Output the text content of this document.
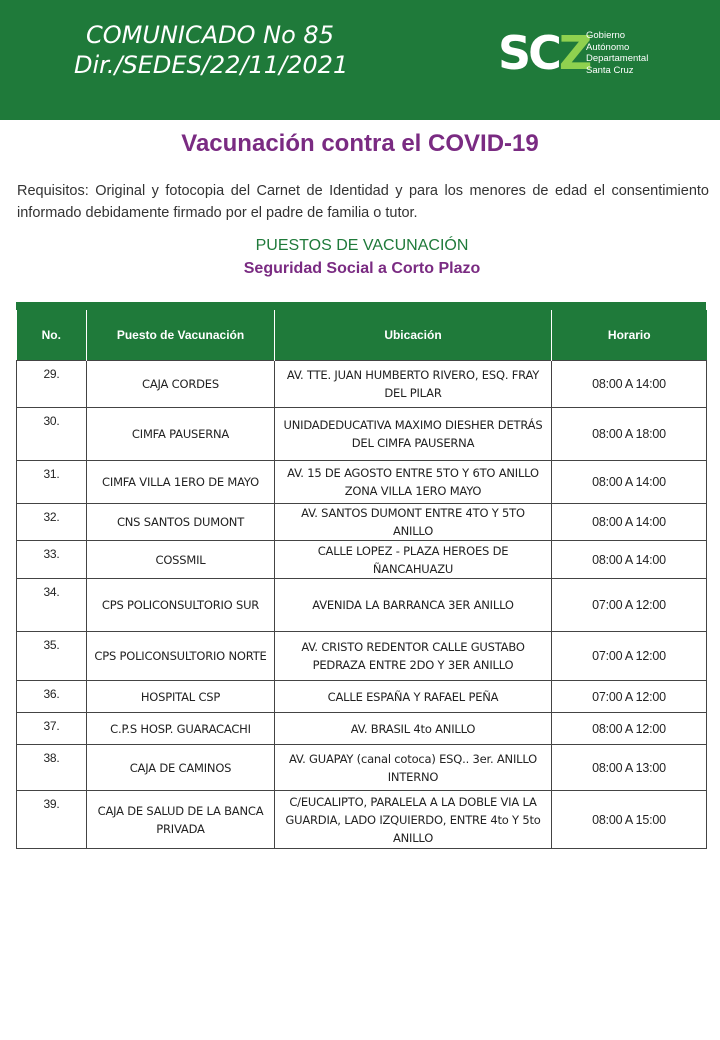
COMUNICADO No 85
Dir./SEDES/22/11/2021	SCZ
Gobierno
Autónomo
Departamental
Santa Cruz
Vacunación contra el COVID-19
Requisitos: Original y fotocopia del Carnet de Identidad y para los menores de edad el consentimiento informado debidamente firmado por el padre de familia o tutor.
PUESTOS DE VACUNACIÓN
Seguridad Social a Corto Plazo
No.	Puesto de Vacunación	Ubicación	Horario
29.	CAJA CORDES	AV. TTE. JUAN HUMBERTO RIVERO, ESQ. FRAY DEL PILAR	08:00 A 14:00
30.	CIMFA PAUSERNA	UNIDADEDUCATIVA MAXIMO DIESHER DETRÁS DEL CIMFA PAUSERNA	08:00 A 18:00
31.	CIMFA VILLA 1ERO DE MAYO	AV. 15 DE AGOSTO ENTRE 5TO Y 6TO ANILLO ZONA VILLA 1ERO MAYO	08:00 A 14:00
32.	CNS SANTOS DUMONT	AV. SANTOS DUMONT ENTRE 4TO Y 5TO ANILLO	08:00 A 14:00
33.	COSSMIL	CALLE LOPEZ - PLAZA HEROES DE ÑANCAHUAZU	08:00 A 14:00
34.	CPS POLICONSULTORIO SUR	AVENIDA LA BARRANCA 3ER ANILLO	07:00 A 12:00
35.	CPS POLICONSULTORIO NORTE	AV. CRISTO REDENTOR CALLE GUSTABO PEDRAZA ENTRE 2DO Y 3ER ANILLO	07:00 A 12:00
36.	HOSPITAL CSP	CALLE ESPAÑA Y RAFAEL PEÑA	07:00 A 12:00
37.	C.P.S HOSP. GUARACACHI	AV. BRASIL 4to ANILLO	08:00 A 12:00
38.	CAJA DE CAMINOS	AV. GUAPAY (canal cotoca) ESQ.. 3er. ANILLO INTERNO	08:00 A 13:00
39.	CAJA DE SALUD DE LA BANCA PRIVADA	C/EUCALIPTO, PARALELA A LA DOBLE VIA LA GUARDIA, LADO IZQUIERDO, ENTRE 4to Y 5to ANILLO	08:00 A 15:00
